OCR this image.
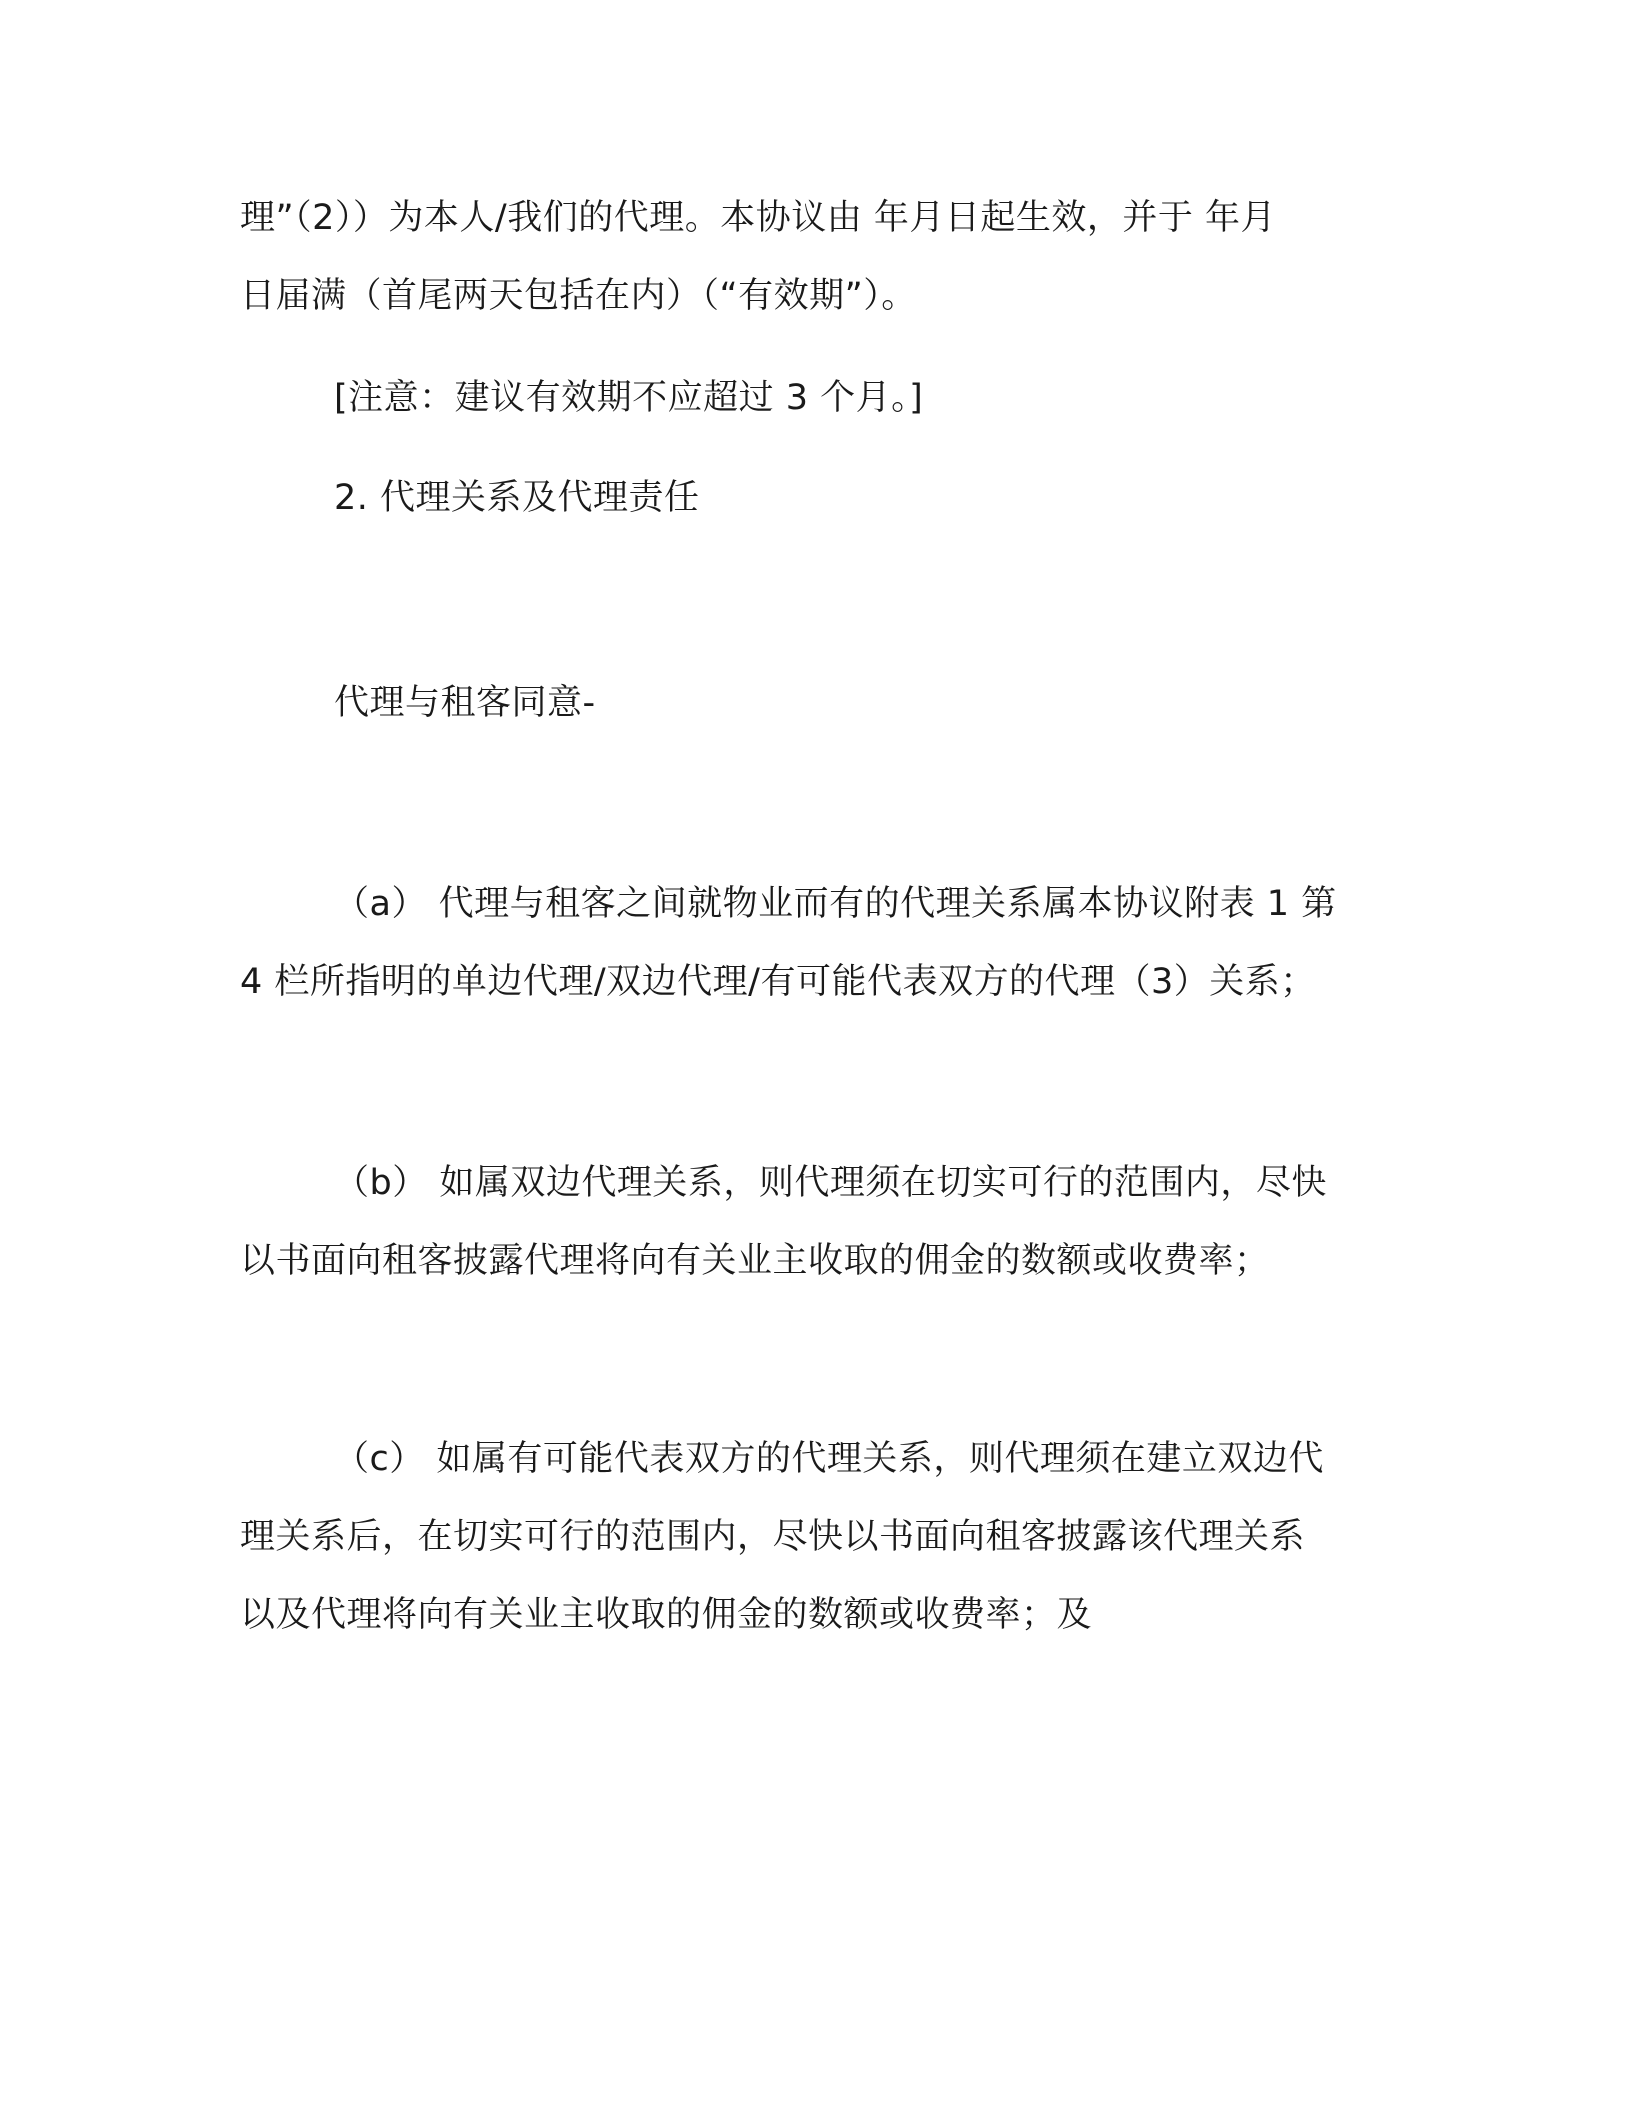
理”（2））为本人/我们的代理。本协议由 年月日起生效，并于 年月
日届满（首尾两天包括在内）（“有效期”）。
[注意：建议有效期不应超过 3 个月。]
2. 代理关系及代理责任
代理与租客同意-
（a） 代理与租客之间就物业而有的代理关系属本协议附表 1 第
4 栏所指明的单边代理/双边代理/有可能代表双方的代理（3）关系；
（b） 如属双边代理关系，则代理须在切实可行的范围内，尽快
以书面向租客披露代理将向有关业主收取的佣金的数额或收费率；
（c） 如属有可能代表双方的代理关系，则代理须在建立双边代
理关系后，在切实可行的范围内，尽快以书面向租客披露该代理关系
以及代理将向有关业主收取的佣金的数额或收费率；及
